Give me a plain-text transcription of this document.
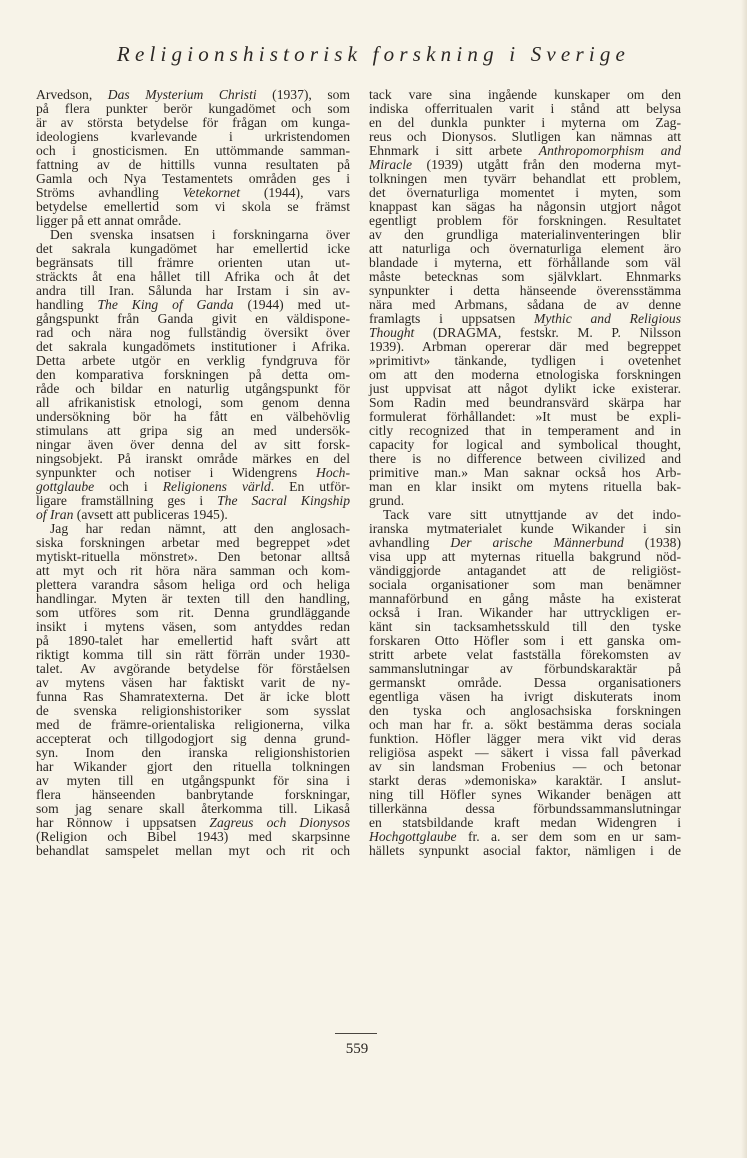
Religionshistorisk forskning i Sverige
Arvedson, Das Mysterium Christi (1937), som
på flera punkter berör kungadömet och som
är av största betydelse för frågan om kunga-
ideologiens kvarlevande i urkristendomen
och i gnosticismen. En uttömmande samman-
fattning av de hittills vunna resultaten på
Gamla och Nya Testamentets områden ges i
Ströms avhandling Vetekornet (1944), vars
betydelse emellertid som vi skola se främst
ligger på ett annat område.
Den svenska insatsen i forskningarna över
det sakrala kungadömet har emellertid icke
begränsats till främre orienten utan ut-
sträckts åt ena hållet till Afrika och åt det
andra till Iran. Sålunda har Irstam i sin av-
handling The King of Ganda (1944) med ut-
gångspunkt från Ganda givit en väldispone-
rad och nära nog fullständig översikt över
det sakrala kungadömets institutioner i Afrika.
Detta arbete utgör en verklig fyndgruva för
den komparativa forskningen på detta om-
råde och bildar en naturlig utgångspunkt för
all afrikanistisk etnologi, som genom denna
undersökning bör ha fått en välbehövlig
stimulans att gripa sig an med undersök-
ningar även över denna del av sitt forsk-
ningsobjekt. På iranskt område märkes en del
synpunkter och notiser i Widengrens Hoch-
gottglaube och i Religionens värld. En utför-
ligare framställning ges i The Sacral Kingship
of Iran (avsett att publiceras 1945).
Jag har redan nämnt, att den anglosach-
siska forskningen arbetar med begreppet »det
mytiskt-rituella mönstret». Den betonar alltså
att myt och rit höra nära samman och kom-
plettera varandra såsom heliga ord och heliga
handlingar. Myten är texten till den handling,
som utföres som rit. Denna grundläggande
insikt i mytens väsen, som antyddes redan
på 1890-talet har emellertid haft svårt att
riktigt komma till sin rätt förrän under 1930-
talet. Av avgörande betydelse för förståelsen
av mytens väsen har faktiskt varit de ny-
funna Ras Shamratexterna. Det är icke blott
de svenska religionshistoriker som sysslat
med de främre-orientaliska religionerna, vilka
accepterat och tillgodogjort sig denna grund-
syn. Inom den iranska religionshistorien
har Wikander gjort den rituella tolkningen
av myten till en utgångspunkt för sina i
flera hänseenden banbrytande forskningar,
som jag senare skall återkomma till. Likaså
har Rönnow i uppsatsen Zagreus och Dionysos
(Religion och Bibel 1943) med skarpsinne
behandlat samspelet mellan myt och rit och
tack vare sina ingående kunskaper om den
indiska offerritualen varit i stånd att belysa
en del dunkla punkter i myterna om Zag-
reus och Dionysos. Slutligen kan nämnas att
Ehnmark i sitt arbete Anthropomorphism and
Miracle (1939) utgått från den moderna myt-
tolkningen men tyvärr behandlat ett problem,
det övernaturliga momentet i myten, som
knappast kan sägas ha någonsin utgjort något
egentligt problem för forskningen. Resultatet
av den grundliga materialinventeringen blir
att naturliga och övernaturliga element äro
blandade i myterna, ett förhållande som väl
måste betecknas som självklart. Ehnmarks
synpunkter i detta hänseende överensstämma
nära med Arbmans, sådana de av denne
framlagts i uppsatsen Mythic and Religious
Thought (DRAGMA, festskr. M. P. Nilsson
1939). Arbman opererar där med begreppet
»primitivt» tänkande, tydligen i ovetenhet
om att den moderna etnologiska forskningen
just uppvisat att något dylikt icke existerar.
Som Radin med beundransvärd skärpa har
formulerat förhållandet: »It must be expli-
citly recognized that in temperament and in
capacity for logical and symbolical thought,
there is no difference between civilized and
primitive man.» Man saknar också hos Arb-
man en klar insikt om mytens rituella bak-
grund.
Tack vare sitt utnyttjande av det indo-
iranska mytmaterialet kunde Wikander i sin
avhandling Der arische Männerbund (1938)
visa upp att myternas rituella bakgrund nöd-
vändiggjorde antagandet att de religiöst-
sociala organisationer som man benämner
mannaförbund en gång måste ha existerat
också i Iran. Wikander har uttryckligen er-
känt sin tacksamhetsskuld till den tyske
forskaren Otto Höfler som i ett ganska om-
stritt arbete velat fastställa förekomsten av
sammanslutningar av förbundskaraktär på
germanskt område. Dessa organisationers
egentliga väsen ha ivrigt diskuterats inom
den tyska och anglosachsiska forskningen
och man har fr. a. sökt bestämma deras sociala
funktion. Höfler lägger mera vikt vid deras
religiösa aspekt — säkert i vissa fall påverkad
av sin landsman Frobenius — och betonar
starkt deras »demoniska» karaktär. I anslut-
ning till Höfler synes Wikander benägen att
tillerkänna dessa förbundssammanslutningar
en statsbildande kraft medan Widengren i
Hochgottglaube fr. a. ser dem som en ur sam-
hällets synpunkt asocial faktor, nämligen i de
559
